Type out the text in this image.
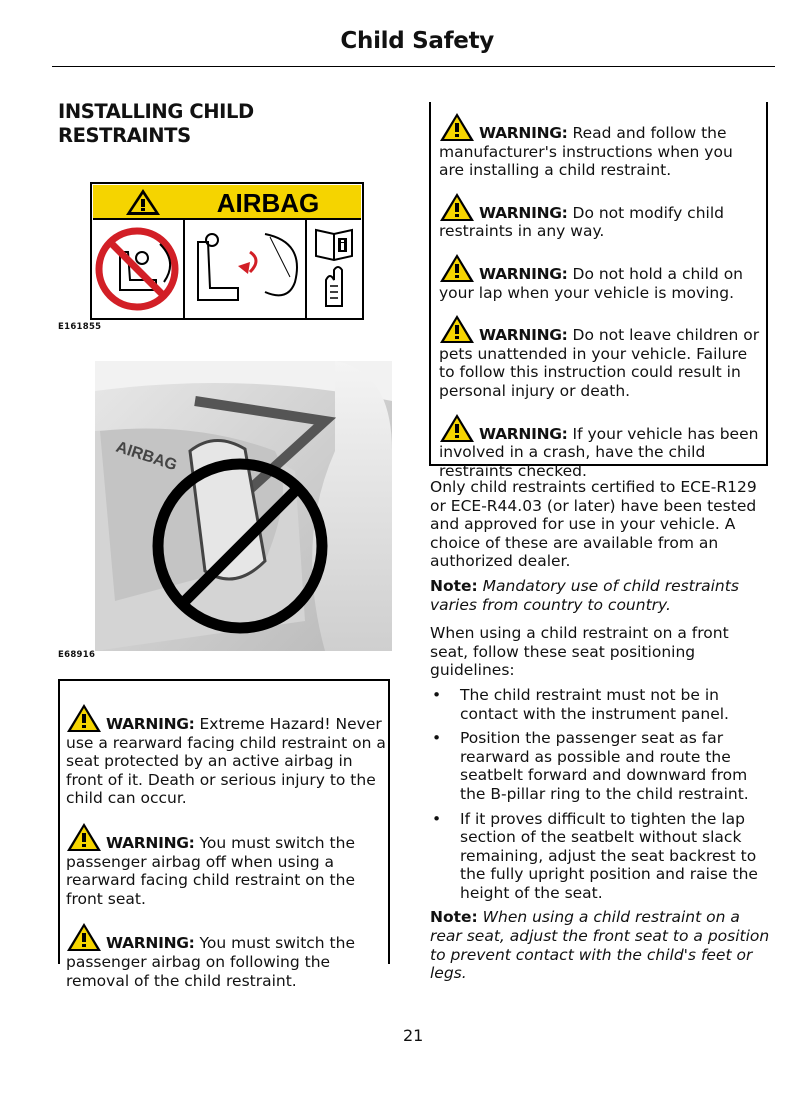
Child Safety
INSTALLING CHILD
RESTRAINTS
AIRBAG
E161855
AIRBAG
E68916
WARNING: Extreme Hazard! Never use a rearward facing child restraint on a seat protected by an active airbag in front of it. Death or serious injury to the child can occur.
WARNING: You must switch the passenger airbag off when using a rearward facing child restraint on the front seat.
WARNING: You must switch the passenger airbag on following the removal of the child restraint.
WARNING: Read and follow the manufacturer's instructions when you are installing a child restraint.
WARNING: Do not modify child restraints in any way.
WARNING: Do not hold a child on your lap when your vehicle is moving.
WARNING: Do not leave children or pets unattended in your vehicle. Failure to follow this instruction could result in personal injury or death.
WARNING: If your vehicle has been involved in a crash, have the child restraints checked.

Only child restraints certified to ECE-R129 or ECE-R44.03 (or later) have been tested and approved for use in your vehicle. A choice of these are available from an authorized dealer.

Note: Mandatory use of child restraints varies from country to country.

When using a child restraint on a front seat, follow these seat positioning guidelines:

• The child restraint must not be in contact with the instrument panel.
• Position the passenger seat as far rearward as possible and route the seatbelt forward and downward from the B-pillar ring to the child restraint.
• If it proves difficult to tighten the lap section of the seatbelt without slack remaining, adjust the seat backrest to the fully upright position and raise the height of the seat.

Note: When using a child restraint on a rear seat, adjust the front seat to a position to prevent contact with the child's feet or legs.

21
